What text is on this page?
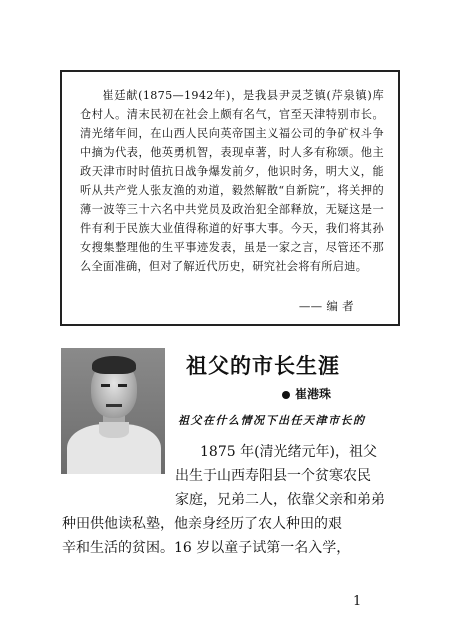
崔廷献(1875—1942年)，是我县尹灵芝镇(芹泉镇)库仓村人。清末民初在社会上颇有名气，官至天津特别市长。清光绪年间，在山西人民向英帝国主义福公司的争矿权斗争中摘为代表，他英勇机智，表现卓著，时人多有称颂。他主政天津市时时值抗日战争爆发前夕，他识时务，明大义，能听从共产党人张友渔的劝道，毅然解散“自新院”，将关押的薄一波等三十六名中共党员及政治犯全部释放，无疑这是一件有利于民族大业值得称道的好事大事。今天，我们将其孙女搜集整理他的生平事迹发表，虽是一家之言，尽管还不那么全面准确，但对了解近代历史，研究社会将有所启迪。

—— 编 者
祖父的市长生涯
崔港珠
祖父在什么情况下出任天津市长的
1875 年(清光绪元年)，祖父
出生于山西寿阳县一个贫寒农民
家庭，兄弟二人，依靠父亲和弟弟
种田供他读私塾，他亲身经历了农人种田的艰
辛和生活的贫困。16 岁以童子试第一名入学，
1
